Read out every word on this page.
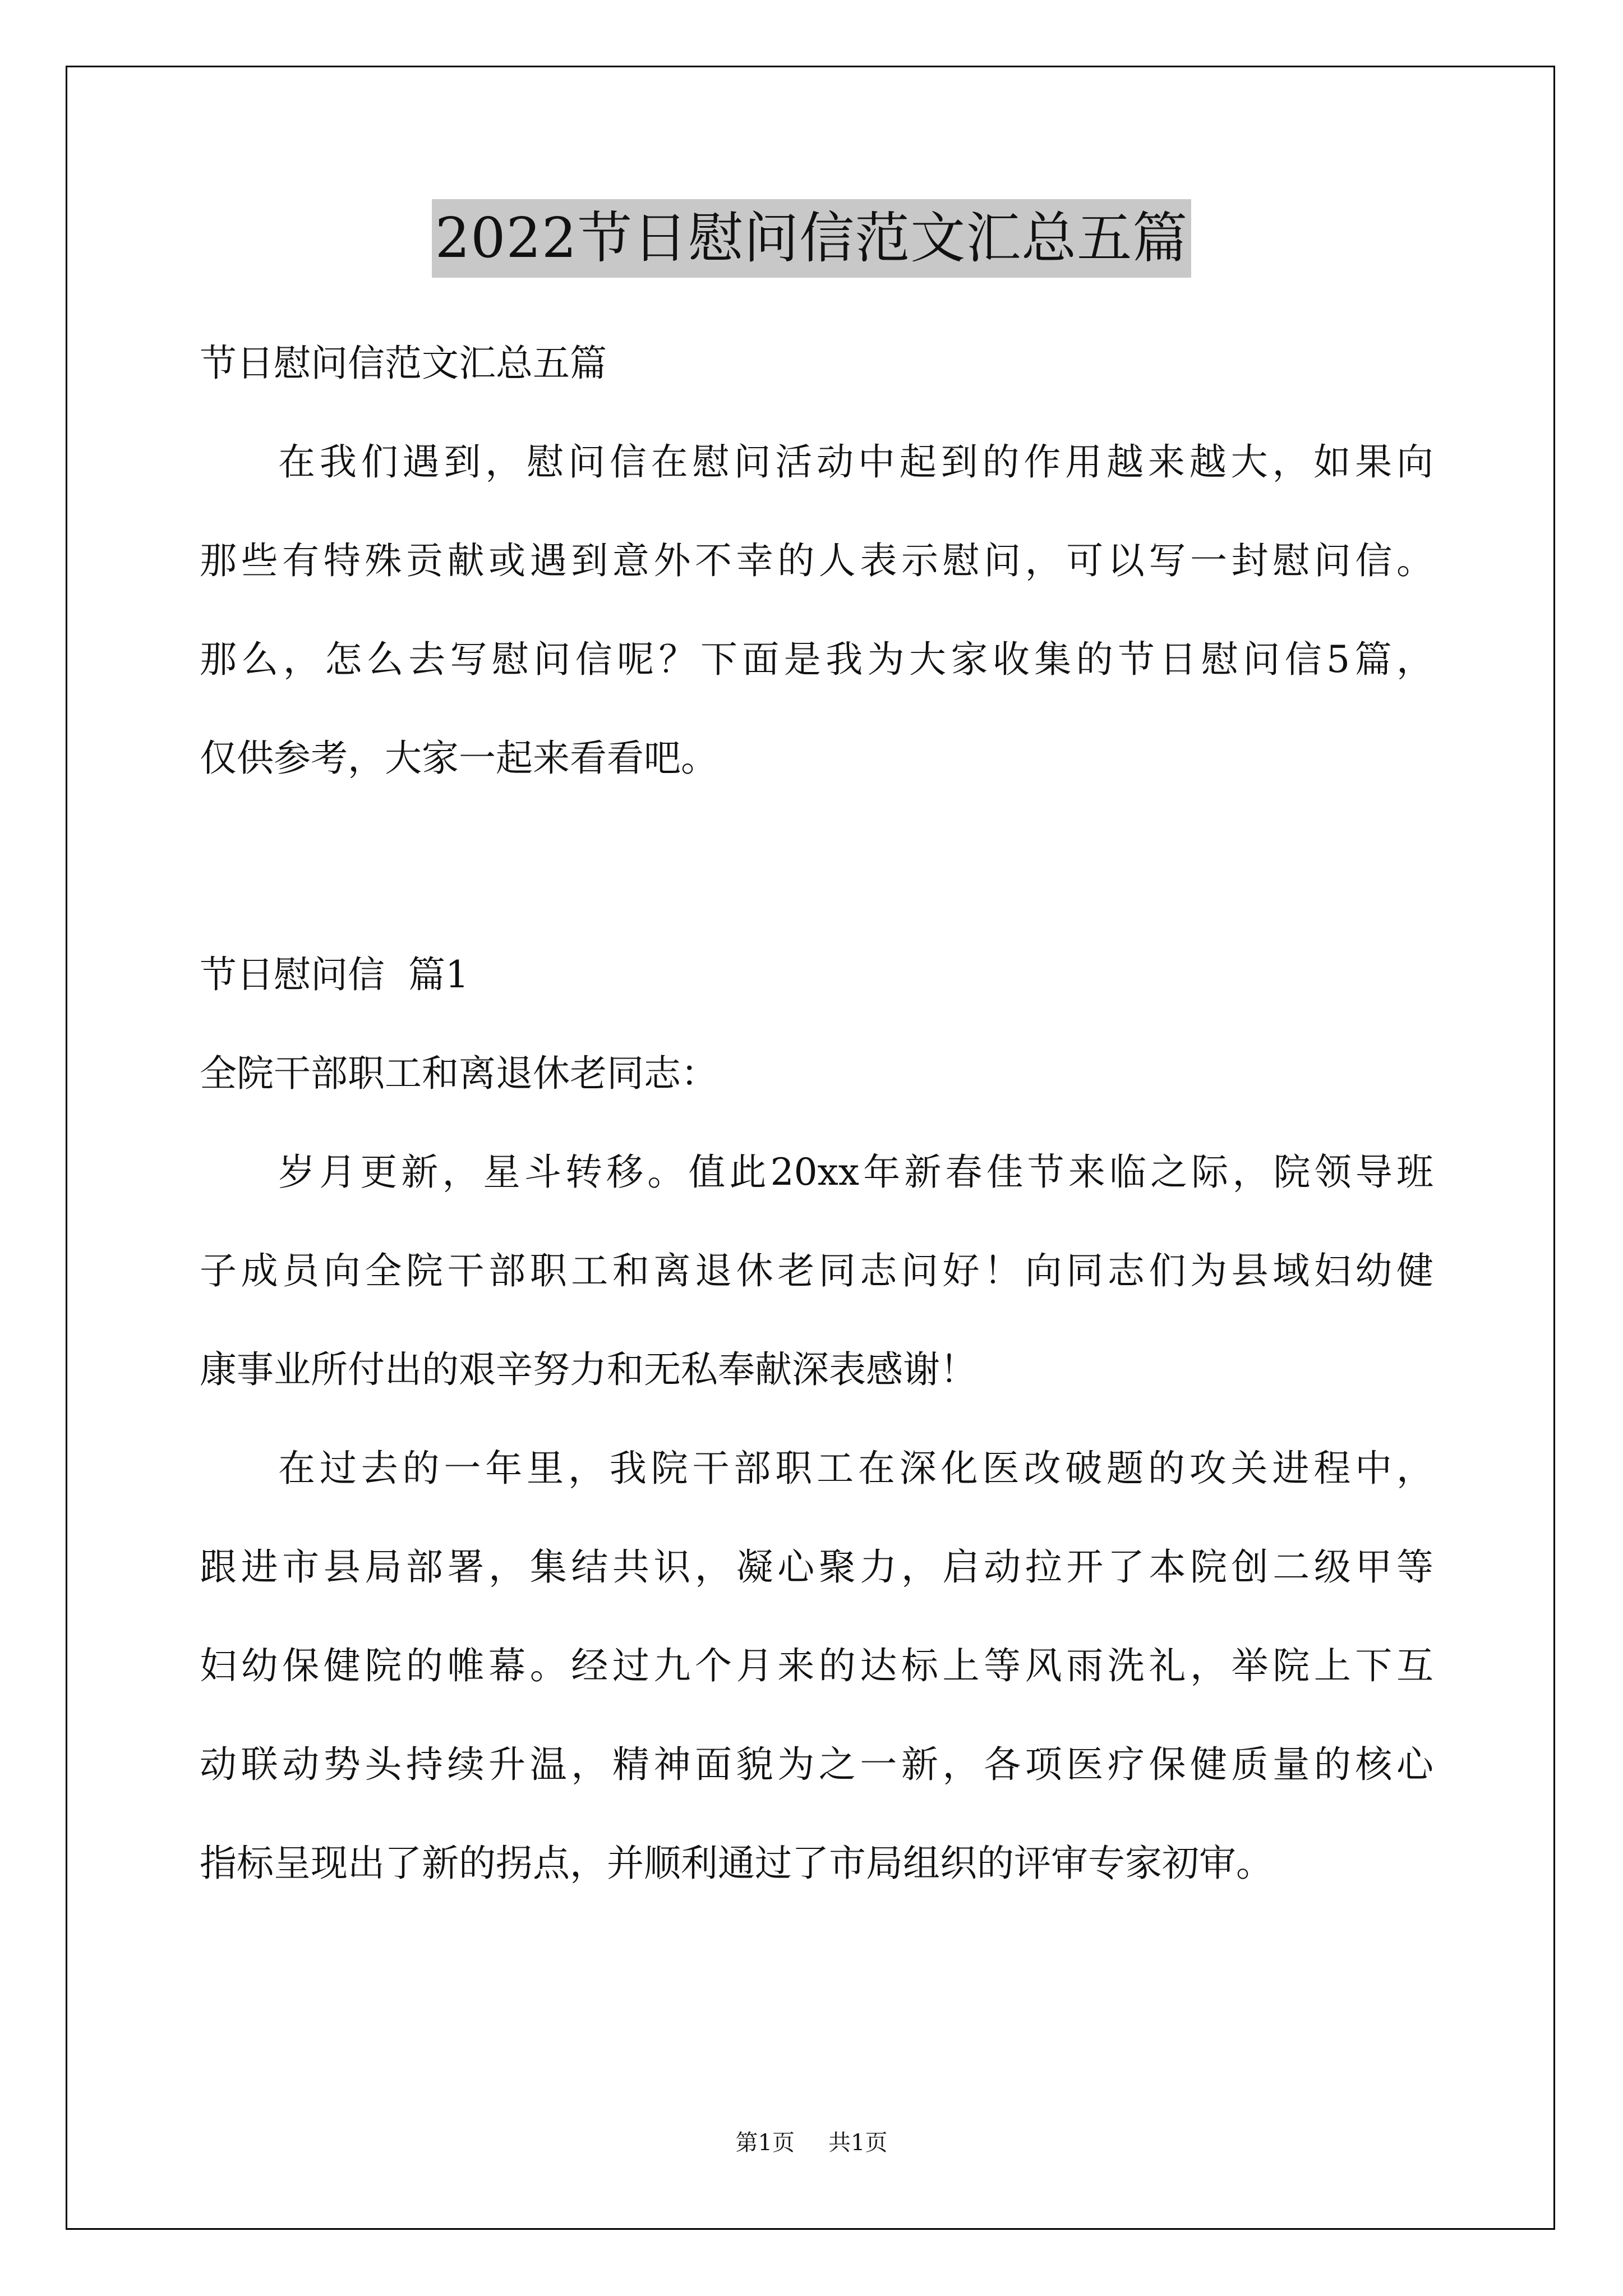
2022节日慰问信范文汇总五篇
节日慰问信范文汇总五篇
在我们遇到，慰问信在慰问活动中起到的作用越来越大，如果向
那些有特殊贡献或遇到意外不幸的人表示慰问，可以写一封慰问信。
那么，怎么去写慰问信呢？下面是我为大家收集的节日慰问信5篇，
仅供参考，大家一起来看看吧。
节日慰问信  篇1
全院干部职工和离退休老同志：
岁月更新，星斗转移。值此20xx年新春佳节来临之际，院领导班
子成员向全院干部职工和离退休老同志问好！向同志们为县域妇幼健
康事业所付出的艰辛努力和无私奉献深表感谢！
在过去的一年里，我院干部职工在深化医改破题的攻关进程中，
跟进市县局部署，集结共识，凝心聚力，启动拉开了本院创二级甲等
妇幼保健院的帷幕。经过九个月来的达标上等风雨洗礼，举院上下互
动联动势头持续升温，精神面貌为之一新，各项医疗保健质量的核心
指标呈现出了新的拐点，并顺利通过了市局组织的评审专家初审。
第1页 共1页
